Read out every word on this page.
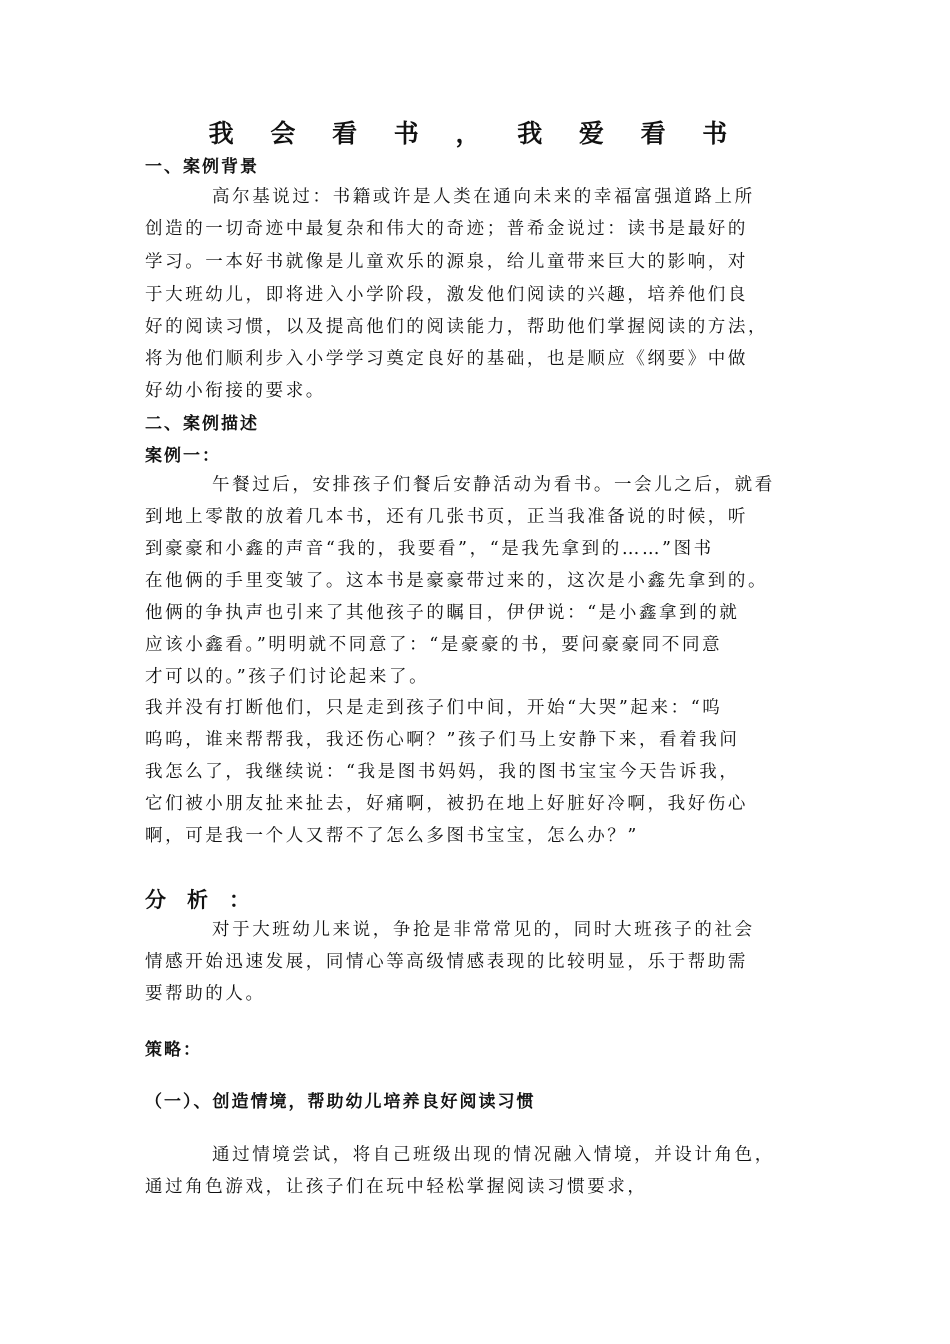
我 会 看 书 ， 我 爱 看 书
一、案例背景
高尔基说过：书籍或许是人类在通向未来的幸福富强道路上所
创造的一切奇迹中最复杂和伟大的奇迹；普希金说过：读书是最好的
学习。一本好书就像是儿童欢乐的源泉，给儿童带来巨大的影响，对
于大班幼儿，即将进入小学阶段，激发他们阅读的兴趣，培养他们良
好的阅读习惯，以及提高他们的阅读能力，帮助他们掌握阅读的方法，
将为他们顺利步入小学学习奠定良好的基础，也是顺应《纲要》中做
好幼小衔接的要求。
二、案例描述
案例一：
午餐过后，安排孩子们餐后安静活动为看书。一会儿之后，就看
到地上零散的放着几本书，还有几张书页，正当我准备说的时候，听
到豪豪和小鑫的声音“我的，我要看”，“是我先拿到的……”图书
在他俩的手里变皱了。这本书是豪豪带过来的，这次是小鑫先拿到的。
他俩的争执声也引来了其他孩子的瞩目，伊伊说：“是小鑫拿到的就
应该小鑫看。”明明就不同意了：“是豪豪的书，要问豪豪同不同意
才可以的。”孩子们讨论起来了。
我并没有打断他们，只是走到孩子们中间，开始“大哭”起来：“呜
呜呜，谁来帮帮我，我还伤心啊？”孩子们马上安静下来，看着我问
我怎么了，我继续说：“我是图书妈妈，我的图书宝宝今天告诉我，
它们被小朋友扯来扯去，好痛啊，被扔在地上好脏好冷啊，我好伤心
啊，可是我一个人又帮不了怎么多图书宝宝，怎么办？”
分 析 ：
对于大班幼儿来说，争抢是非常常见的，同时大班孩子的社会
情感开始迅速发展，同情心等高级情感表现的比较明显，乐于帮助需
要帮助的人。
策略：
（一）、创造情境，帮助幼儿培养良好阅读习惯
通过情境尝试，将自己班级出现的情况融入情境，并设计角色，
通过角色游戏，让孩子们在玩中轻松掌握阅读习惯要求，
